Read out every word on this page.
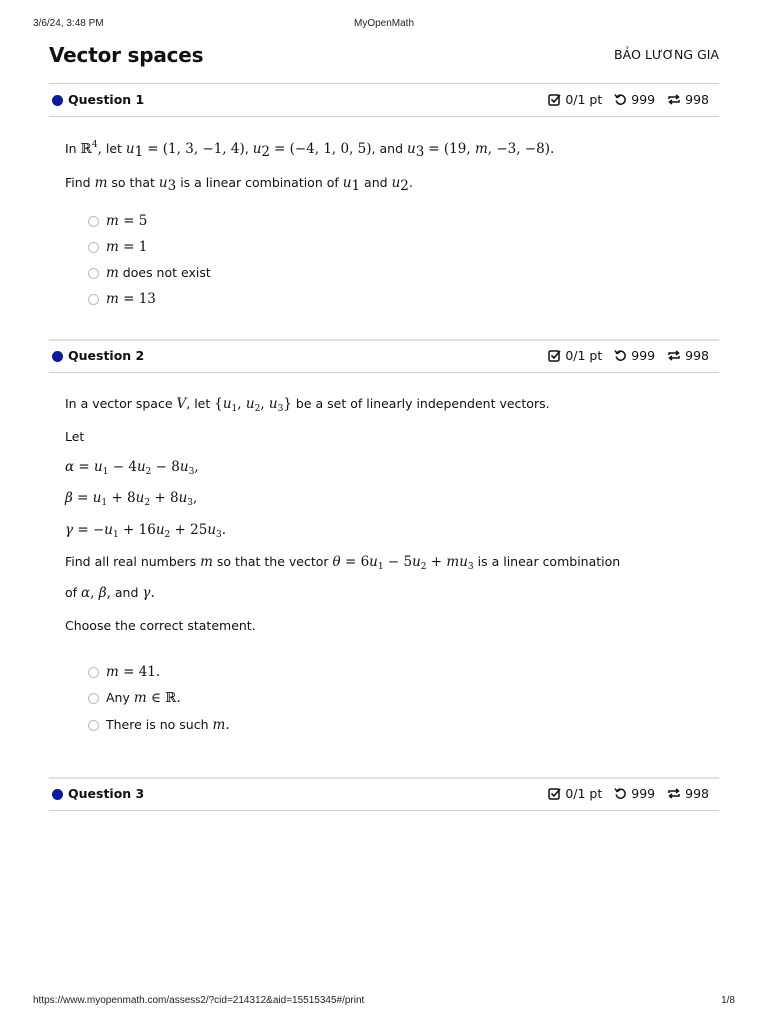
3/6/24, 3:48 PM	MyOpenMath
Vector spaces	BẢO LƯƠNG GIA
Question 1	0/1 pt 999 998
In ℝ$^4$, let $u_1 = (1$, 3, −1, 4), $u_2 = (-4$, 1, 0, 5), and $u_3 = (19$, m, −3, −8).
Find m so that $u_3$ is a linear combination of $u_1$ and $u_2$.
m = 5
m = 1
m does not exist
m = 13
Question 2	0/1 pt 999 998
In a vector space V, let {$u_1$, $u_2$, $u_3$} be a set of linearly independent vectors.
Let
$\alpha = u_1 - 4u_2 - 8u_3$,
$\beta = u_1 + 8u_2 + 8u_3$,
$\gamma = -u_1 + 16u_2 + 25u_3$.
Find all real numbers m so that the vector $\theta = 6u_1 - 5u_2 + mu_3$ is a linear combination
of α, β, and γ.
Choose the correct statement.
m = 41.
Any m ∈ ℝ.
There is no such m.
Question 3	0/1 pt 999 998
https://www.myopenmath.com/assess2/?cid=214312&aid=15515345#/print	1/8
